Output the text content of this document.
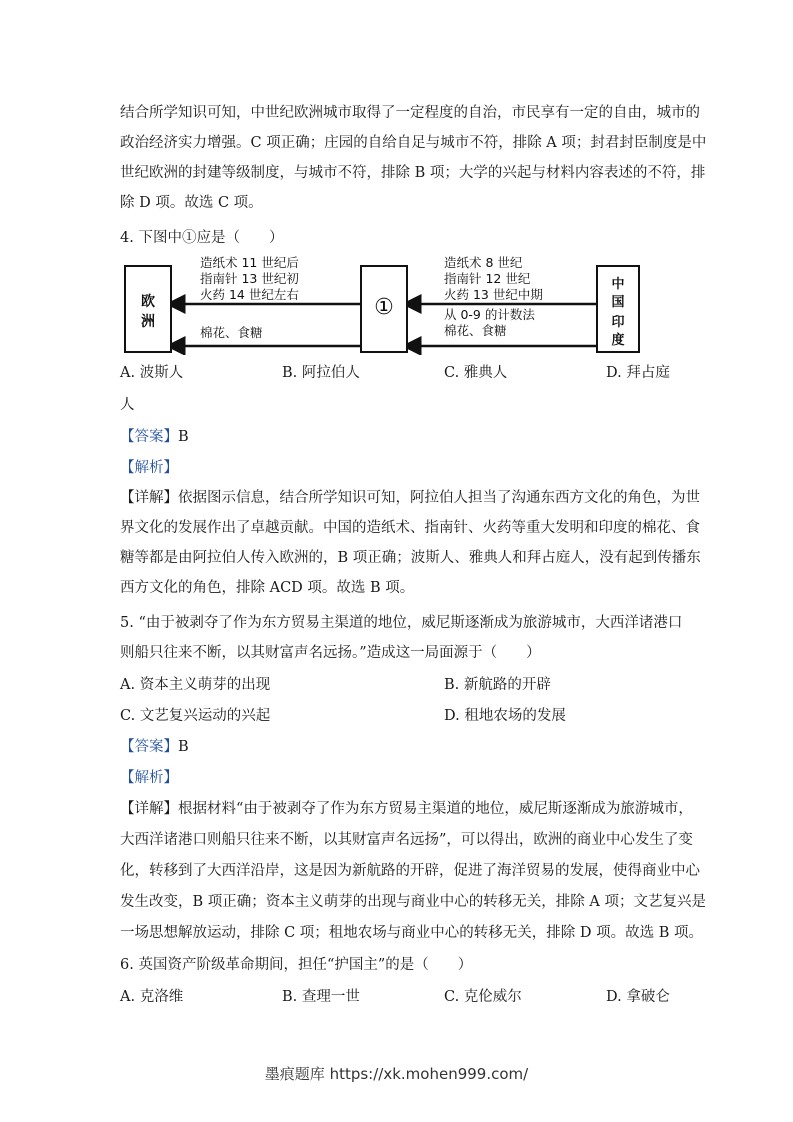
结合所学知识可知，中世纪欧洲城市取得了一定程度的自治，市民享有一定的自由，城市的
政治经济实力增强。C 项正确；庄园的自给自足与城市不符，排除 A 项；封君封臣制度是中
世纪欧洲的封建等级制度，与城市不符，排除 B 项；大学的兴起与材料内容表述的不符，排
除 D 项。故选 C 项。
4. 下图中①应是（　　）
欧
洲
①
中
国
印
度
造纸术 11 世纪后
指南针 13 世纪初
火药 14 世纪左右
棉花、食糖
造纸术 8 世纪
指南针 12 世纪
火药 13 世纪中期
从 0-9 的计数法
棉花、食糖
A. 波斯人	B. 阿拉伯人	C. 雅典人	D. 拜占庭
人
【答案】B
【解析】
【详解】依据图示信息，结合所学知识可知，阿拉伯人担当了沟通东西方文化的角色，为世
界文化的发展作出了卓越贡献。中国的造纸术、指南针、火药等重大发明和印度的棉花、食
糖等都是由阿拉伯人传入欧洲的，B 项正确；波斯人、雅典人和拜占庭人，没有起到传播东
西方文化的角色，排除 ACD 项。故选 B 项。
5. “由于被剥夺了作为东方贸易主渠道的地位，威尼斯逐渐成为旅游城市，大西洋诸港口
则船只往来不断，以其财富声名远扬。”造成这一局面源于（　　）
A. 资本主义萌芽的出现	B. 新航路的开辟
C. 文艺复兴运动的兴起	D. 租地农场的发展
【答案】B
【解析】
【详解】根据材料“由于被剥夺了作为东方贸易主渠道的地位，威尼斯逐渐成为旅游城市，
大西洋诸港口则船只往来不断，以其财富声名远扬”，可以得出，欧洲的商业中心发生了变
化，转移到了大西洋沿岸，这是因为新航路的开辟，促进了海洋贸易的发展，使得商业中心
发生改变，B 项正确；资本主义萌芽的出现与商业中心的转移无关，排除 A 项；文艺复兴是
一场思想解放运动，排除 C 项；租地农场与商业中心的转移无关，排除 D 项。故选 B 项。
6. 英国资产阶级革命期间，担任“护国主”的是（　　）
A. 克洛维	B. 查理一世	C. 克伦威尔	D. 拿破仑
墨痕题库 https://xk.mohen999.com/
